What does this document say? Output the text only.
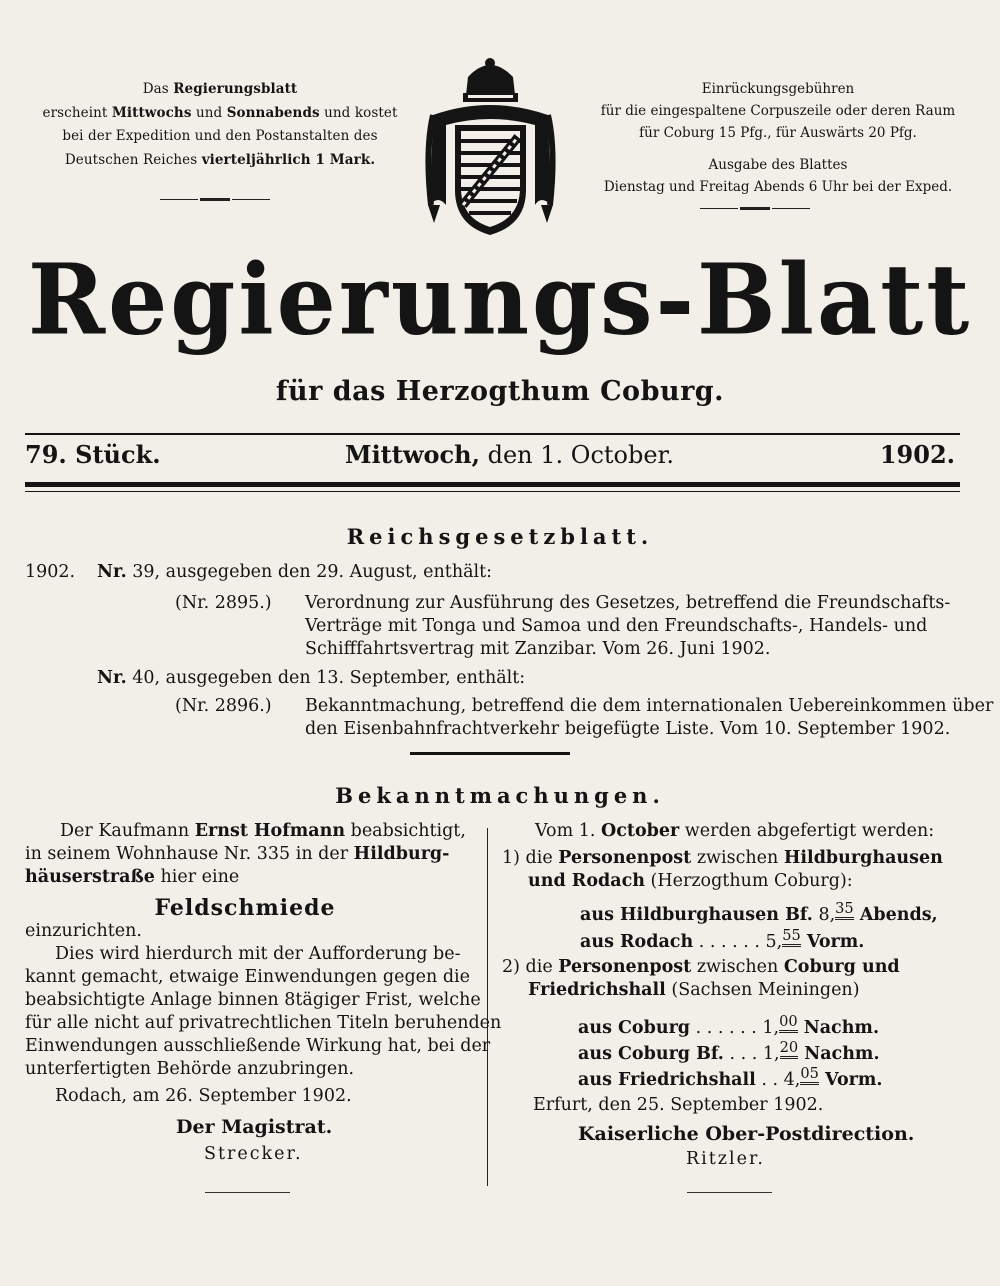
Das Regierungsblatt
erscheint Mittwochs und Sonnabends und kostet
bei der Expedition und den Postanstalten des
Deutschen Reiches vierteljährlich 1 Mark.
Einrückungsgebühren
für die eingespaltene Corpuszeile oder deren Raum
für Coburg 15 Pfg., für Auswärts 20 Pfg.
Ausgabe des Blattes
Dienstag und Freitag Abends 6 Uhr bei der Exped.
Regierungs-Blatt
für das Herzogthum Coburg.
79. Stück.	Mittwoch, den 1. October.	1902.
Reichsgesetzblatt.
1902. Nr. 39, ausgegeben den 29. August, enthält:
(Nr. 2895.) Verordnung zur Ausführung des Gesetzes, betreffend die Freundschafts-
Verträge mit Tonga und Samoa und den Freundschafts-, Handels- und
Schifffahrtsvertrag mit Zanzibar. Vom 26. Juni 1902.
Nr. 40, ausgegeben den 13. September, enthält:
(Nr. 2896.) Bekanntmachung, betreffend die dem internationalen Uebereinkommen über
den Eisenbahnfrachtverkehr beigefügte Liste. Vom 10. September 1902.
Bekanntmachungen.
Der Kaufmann Ernst Hofmann beabsichtigt,
in seinem Wohnhause Nr. 335 in der Hildburg-
häuserstraße hier eine
Feldschmiede
einzurichten.
Dies wird hierdurch mit der Aufforderung be-
kannt gemacht, etwaige Einwendungen gegen die
beabsichtigte Anlage binnen 8tägiger Frist, welche
für alle nicht auf privatrechtlichen Titeln beruhenden
Einwendungen ausschließende Wirkung hat, bei der
unterfertigten Behörde anzubringen.
Rodach, am 26. September 1902.
Der Magistrat.
Strecker.
Vom 1. October werden abgefertigt werden:
1) die Personenpost zwischen Hildburghausen
und Rodach (Herzogthum Coburg):
aus Hildburghausen Bf. 8,35 Abends,
aus Rodach . . . . . . 5,55 Vorm.
2) die Personenpost zwischen Coburg und
Friedrichshall (Sachsen Meiningen)
aus Coburg . . . . . . 1,00 Nachm.
aus Coburg Bf. . . . 1,20 Nachm.
aus Friedrichshall . . 4,05 Vorm.
Erfurt, den 25. September 1902.
Kaiserliche Ober-Postdirection.
Ritzler.
